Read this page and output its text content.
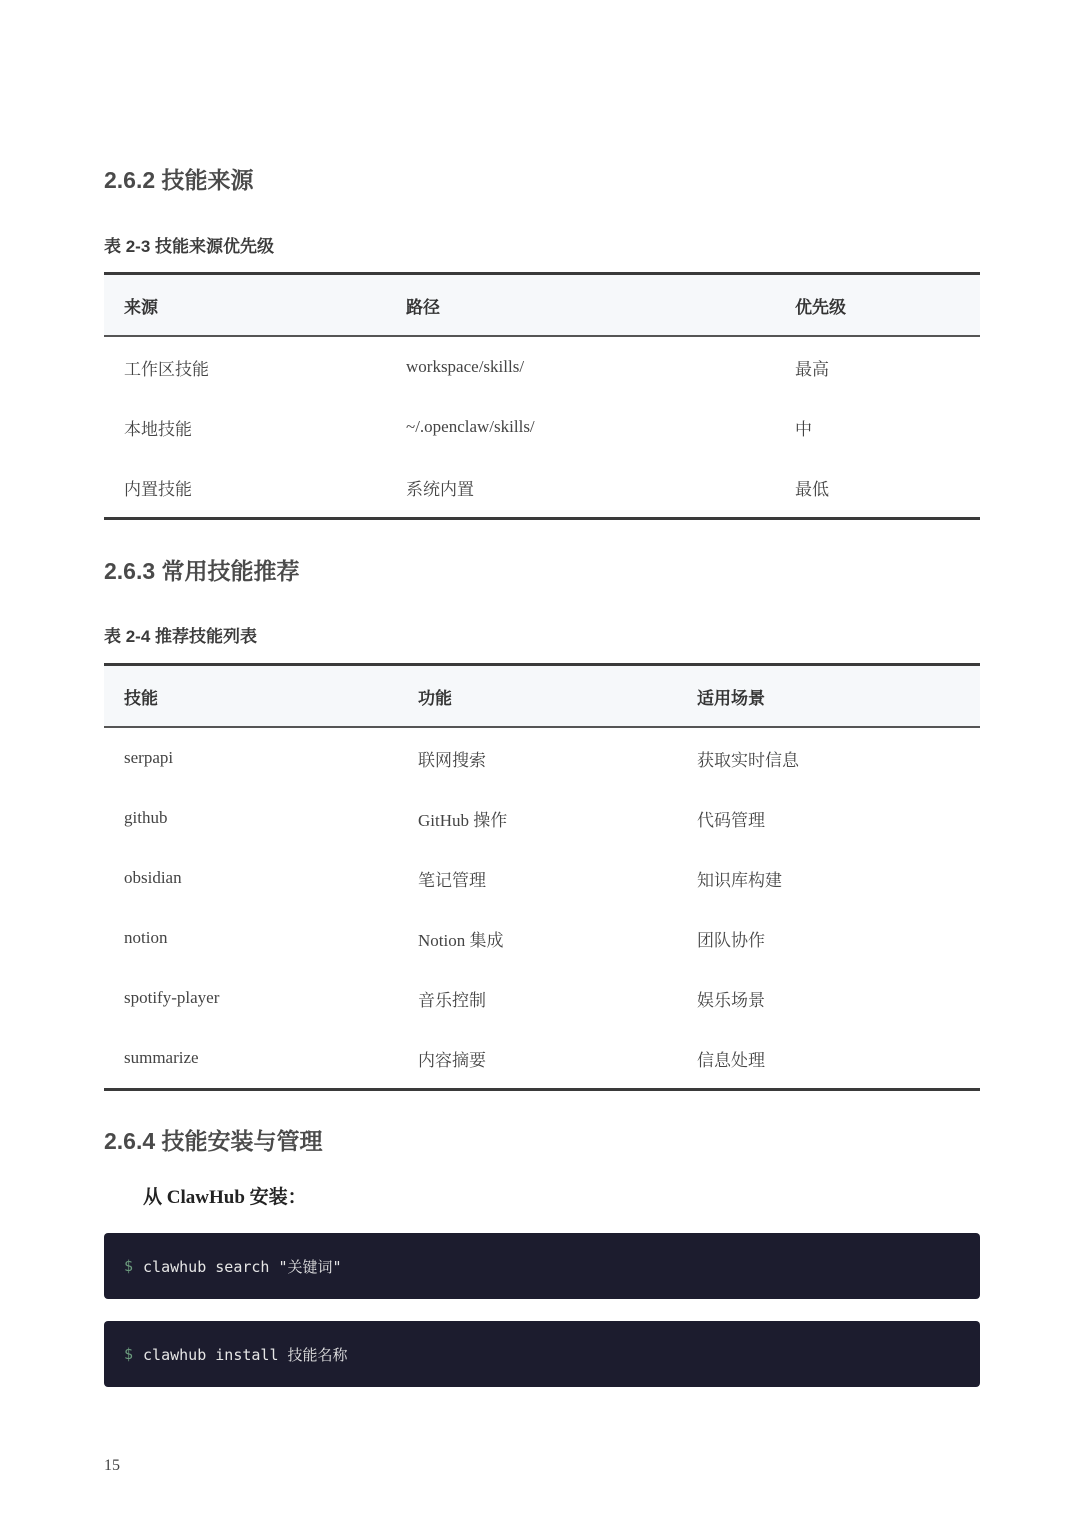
2.6.2 技能来源

表 2-3 技能来源优先级

来源	路径	优先级
工作区技能	workspace/skills/	最高
本地技能	~/.openclaw/skills/	中
内置技能	系统内置	最低
2.6.3 常用技能推荐

表 2-4 推荐技能列表

技能	功能	适用场景
serpapi	联网搜索	获取实时信息
github	GitHub 操作	代码管理
obsidian	笔记管理	知识库构建
notion	Notion 集成	团队协作
spotify-player	音乐控制	娱乐场景
summarize	内容摘要	信息处理
2.6.4 技能安装与管理

从 ClawHub 安装：

$ clawhub search "关键词"
$ clawhub install 技能名称
15
